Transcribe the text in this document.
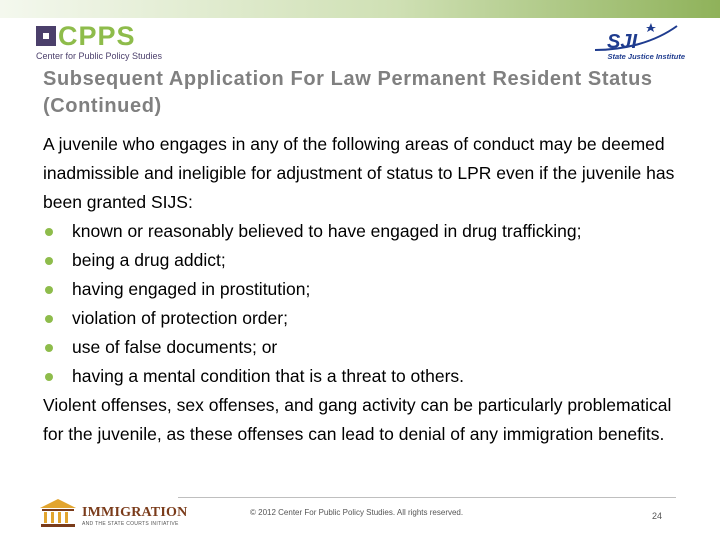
CPPS
Center for Public Policy Studies
SJI
State Justice Institute
Subsequent Application For Law Permanent Resident Status (Continued)

A juvenile who engages in any of the following areas of conduct may be deemed inadmissible and ineligible for adjustment of status to LPR even if the juvenile has been granted SIJS:

known or reasonably believed to have engaged in drug trafficking;
being a drug addict;
having engaged in prostitution;
violation of protection order;
use of false documents; or
having a mental condition that is a threat to others.

Violent offenses, sex offenses, and gang activity can be particularly problematical for the juvenile, as these offenses can lead to denial of any immigration benefits.

IMMIGRATION
AND THE STATE COURTS INITIATIVE
© 2012 Center For Public Policy Studies. All rights reserved.	24
